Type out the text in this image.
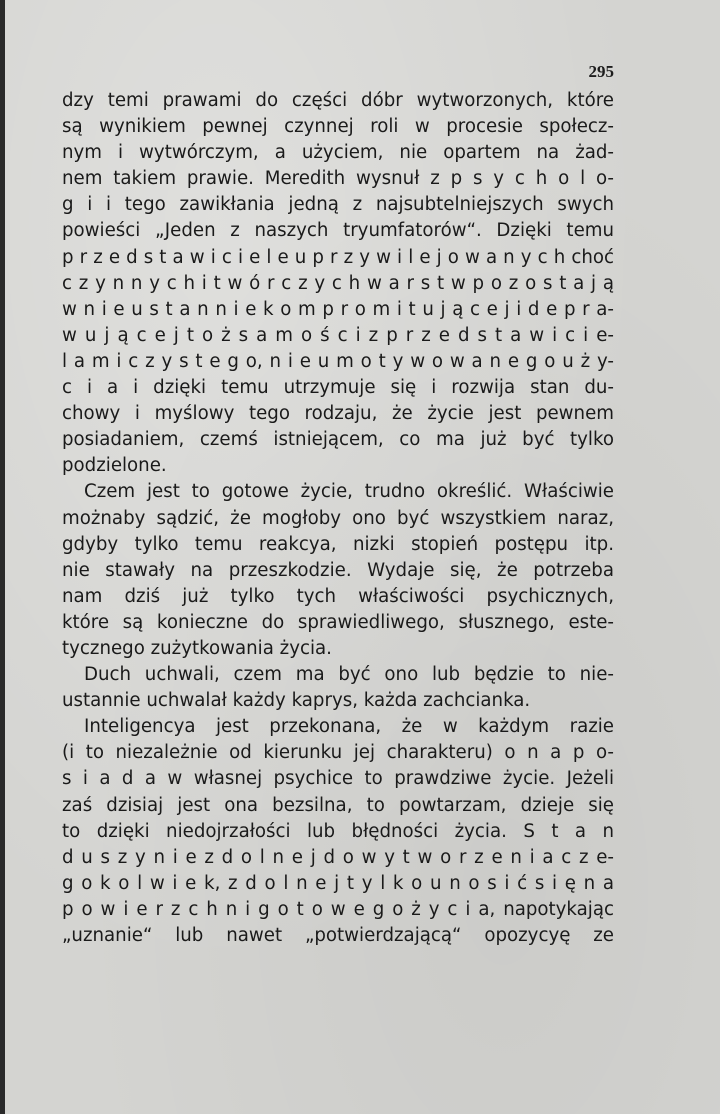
295
dzy temi prawami do części dóbr wytworzonych, które
są wynikiem pewnej czynnej roli w procesie społecz-
nym i wytwórczym, a użyciem, nie opartem na żad-
nem takiem prawie. Meredith wysnuł z p s y c h o l o-
g i i tego zawikłania jedną z najsubtelniejszych swych
powieści „Jeden z naszych tryumfatorów“. Dzięki temu
p r z e d s t a w i c i e l e u p r z y w i l e j o w a n y c h choć
c z y n n y c h i t w ó r c z y c h w a r s t w p o z o s t a j ą
w n i e u s t a n n i e k o m p r o m i t u j ą c e j i d e p r a-
w u j ą c e j t o ż s a m o ś c i z p r z e d s t a w i c i e-
l a m i c z y s t e g o, n i e u m o t y w o w a n e g o u ż y-
c i a i dzięki temu utrzymuje się i rozwija stan du-
chowy i myślowy tego rodzaju, że życie jest pewnem
posiadaniem, czemś istniejącem, co ma już być tylko
podzielone.
Czem jest to gotowe życie, trudno określić. Właściwie
możnaby sądzić, że mogłoby ono być wszystkiem naraz,
gdyby tylko temu reakcya, nizki stopień postępu itp.
nie stawały na przeszkodzie. Wydaje się, że potrzeba
nam dziś już tylko tych właściwości psychicznych,
które są konieczne do sprawiedliwego, słusznego, este-
tycznego zużytkowania życia.
Duch uchwali, czem ma być ono lub będzie to nie-
ustannie uchwalał każdy kaprys, każda zachcianka.
Inteligencya jest przekonana, że w każdym razie
(i to niezależnie od kierunku jej charakteru) o n a p o-
s i a d a w własnej psychice to prawdziwe życie. Jeżeli
zaś dzisiaj jest ona bezsilna, to powtarzam, dzieje się
to dzięki niedojrzałości lub błędności życia. S t a n
d u s z y n i e z d o l n e j d o w y t w o r z e n i a c z e-
g o k o l w i e k, z d o l n e j t y l k o u n o s i ć s i ę n a
p o w i e r z c h n i g o t o w e g o ż y c i a, napotykając
„uznanie“ lub nawet „potwierdzającą“ opozycyę ze
